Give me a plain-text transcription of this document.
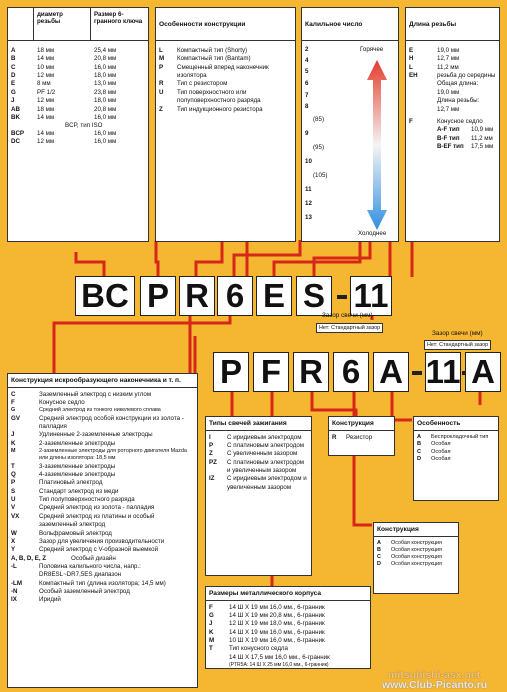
диаметр резьбы
Размер 6-гранного ключа
A	18 мм	25,4 мм
B	14 мм	20,8 мм
C	10 мм	16,0 мм
D	12 мм	18,0 мм
E	8 мм	13,0 мм
G	PF 1/2	23,8 мм
J	12 мм	18,0 мм
AB	18 мм	20,8 мм
BK	14 мм	16,0 мм
BCP, тип ISO
BCP	14 мм	16,0 мм
DC	12 мм	16,0 мм
Особенности конструкции
L	Компактный тип (Shorty)
M	Компактный тип (Bantam)
P	Смещенный вперед наконечник изолятора
R	Тип с резистором
U	Тип поверхностного или полуповерхностного разряда
Z	Тип индукционного резистора
Калильное число
2
4
5
6
7
8
(85)
9
(95)
10
(105)
11
12
13
Горячее
Холоднее
Длина резьбы
E	19,0 мм
H	12,7 мм
L	11,2 мм
EH	резьба до середины
Общая длина:
19,0 мм
Длина резьбы:
12,7 мм
F	Конусное седло
A-F тип	10,9 мм
B-F тип	11,2 мм
B-EF тип	17,5 мм
BC P R 6 E S 11
Зазор свечи (мм)
Нет: Стандартный зазор
P F R 6 A 11 A
Зазор свечи (мм)
Нет: Стандартный зазор
Конструкция искрообразующего наконечника и т. п.
C	Заземленный электрод с низким углом
F	Конусное седло
G	Средний электрод из тонкого никелевого сплава
GV	Средний электрод особой конструкции из золота - палладия
J	Удлиненные 2-заземленные электроды
K	2-заземленные электроды
M	2-заземленные электроды для роторного двигателя Mazda или длины изолятора: 18,5 мм
T	3-заземленные электроды
Q	4-заземленные электроды
P	Платиновый электрод
S	Стандарт электрод из меди
U	Тип полуповерхностного разряда
V	Средний электрод из золота - палладия
VX	Средний электрод из платины и особый заземленный электрод
W	Вольфрамовый электрод
X	Зазор для увеличения производительности
Y	Средний электрод с V-образной выемкой
A, B, D, E, Z	Особый дизайн
-L	Половина калильного числа, напр.: DR8ESL~DR7,5ES диапазон
-LM	Компактный тип (длина изолятора; 14,5 мм)
-N	Особый заземленный электрод
IX	Иридий
Типы свечей зажигания
I	С иридиевым электродом
P	С платиновым электродом
Z	С увеличенным зазором
PZ	С платиновым электродом и увеличенным зазором
IZ	С иридиевым электродом и увеличенным зазором
Конструкция
R	Резистор
Особенность
A	Беспрокладочный тип
B	Особая
C	Особая
D	Особая
Конструкция
A	Особая конструкция
B	Особая конструкция
C	Особая конструкция
D	Особая конструкция
Размеры металлического корпуса
F	14 Ш X 19 мм 16,0 мм., 6-гранник
G	14 Ш X 19 мм 20,8 мм., 6-гранник
J	12 Ш X 19 мм 18,0 мм., 6-гранник
K	14 Ш X 19 мм 16,0 мм., 6-гранник
M	10 Ш X 19 мм 16,0 мм., 6-гранник
T	Тип конусного седла
14 Ш X 17,5 мм 16,0 мм., 6-гранник
(PTR5A: 14 Ш X 25 мм 16,0 мм., 6-гранник)
mitsubishi-asx.net
www.Club-Picanto.ru
